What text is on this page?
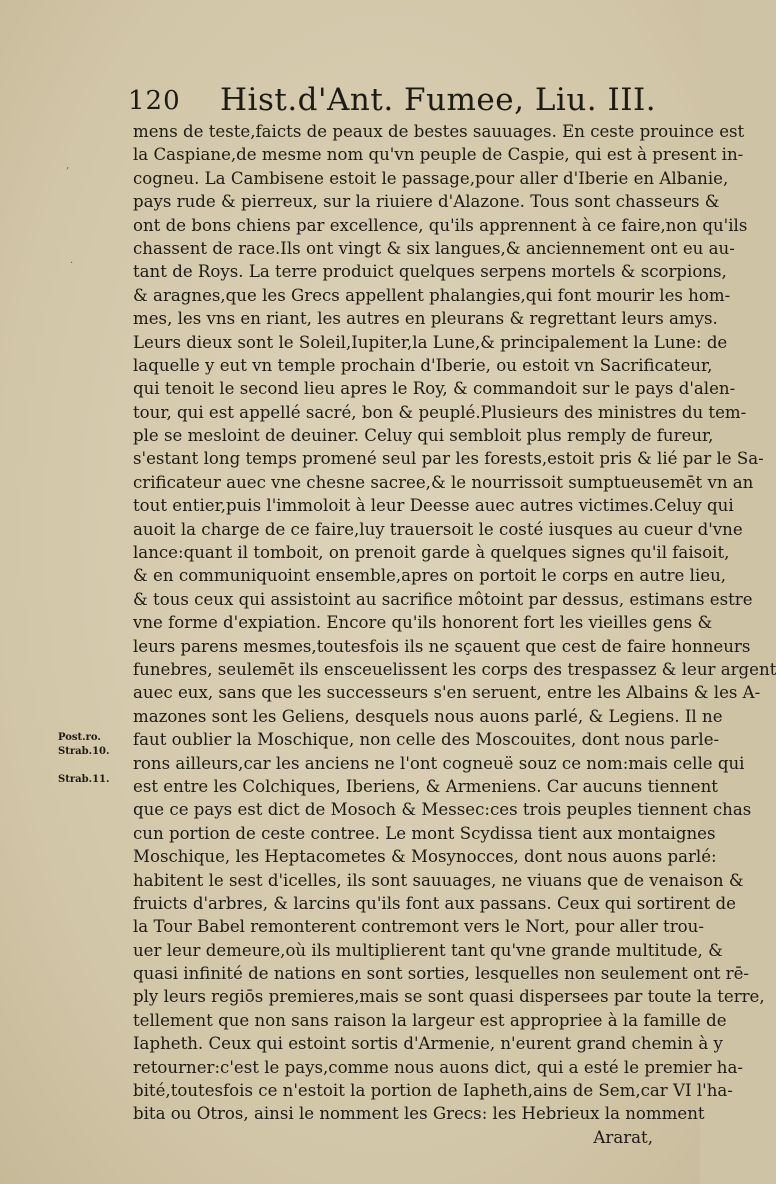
‚
·
120 Hist.d'Ant. Fumee, Liu. III.
mens de teste,faicts de peaux de bestes sauuages. En ceste prouince est
la Caspiane,de mesme nom qu'vn peuple de Caspie, qui est à present in-
cogneu. La Cambisene estoit le passage,pour aller d'Iberie en Albanie,
pays rude & pierreux, sur la riuiere d'Alazone. Tous sont chasseurs &
ont de bons chiens par excellence, qu'ils apprennent à ce faire,non qu'ils
chassent de race.Ils ont vingt & six langues,& anciennement ont eu au-
tant de Roys. La terre produict quelques serpens mortels & scorpions,
& aragnes,que les Grecs appellent phalangies,qui font mourir les hom-
mes, les vns en riant, les autres en pleurans & regrettant leurs amys.
Leurs dieux sont le Soleil,Iupiter,la Lune,& principalement la Lune: de
laquelle y eut vn temple prochain d'Iberie, ou estoit vn Sacrificateur,
qui tenoit le second lieu apres le Roy, & commandoit sur le pays d'alen-
tour, qui est appellé sacré, bon & peuplé.Plusieurs des ministres du tem-
ple se mesloint de deuiner. Celuy qui sembloit plus remply de fureur,
s'estant long temps promené seul par les forests,estoit pris & lié par le Sa-
crificateur auec vne chesne sacree,& le nourrissoit sumptueusemēt vn an
tout entier,puis l'immoloit à leur Deesse auec autres victimes.Celuy qui
auoit la charge de ce faire,luy trauersoit le costé iusques au cueur d'vne
lance:quant il tomboit, on prenoit garde à quelques signes qu'il faisoit,
& en communiquoint ensemble,apres on portoit le corps en autre lieu,
& tous ceux qui assistoint au sacrifice môtoint par dessus, estimans estre
vne forme d'expiation. Encore qu'ils honorent fort les vieilles gens &
leurs parens mesmes,toutesfois ils ne sçauent que cest de faire honneurs
funebres, seulemēt ils ensceuelissent les corps des trespassez & leur argent
auec eux, sans que les successeurs s'en seruent, entre les Albains & les A-
mazones sont les Geliens, desquels nous auons parlé, & Legiens. Il ne
faut oublier la Moschique, non celle des Moscouites, dont nous parle-
rons ailleurs,car les anciens ne l'ont cogneuë souz ce nom:mais celle qui
est entre les Colchiques, Iberiens, & Armeniens. Car aucuns tiennent
que ce pays est dict de Mosoch & Messec:ces trois peuples tiennent chas
cun portion de ceste contree. Le mont Scydissa tient aux montaignes
Moschique, les Heptacometes & Mosynocces, dont nous auons parlé:
habitent le sest d'icelles, ils sont sauuages, ne viuans que de venaison &
fruicts d'arbres, & larcins qu'ils font aux passans. Ceux qui sortirent de
la Tour Babel remonterent contremont vers le Nort, pour aller trou-
uer leur demeure,où ils multiplierent tant qu'vne grande multitude, &
quasi infinité de nations en sont sorties, lesquelles non seulement ont rē-
ply leurs regiōs premieres,mais se sont quasi dispersees par toute la terre,
tellement que non sans raison la largeur est appropriee à la famille de
Iapheth. Ceux qui estoint sortis d'Armenie, n'eurent grand chemin à y
retourner:c'est le pays,comme nous auons dict, qui a esté le premier ha-
bité,toutesfois ce n'estoit la portion de Iapheth,ains de Sem,car VI l'ha-
bita ou Otros, ainsi le nomment les Grecs: les Hebrieux la nomment
Ararat,
Post.ro.
Strab.10.
Strab.11.
